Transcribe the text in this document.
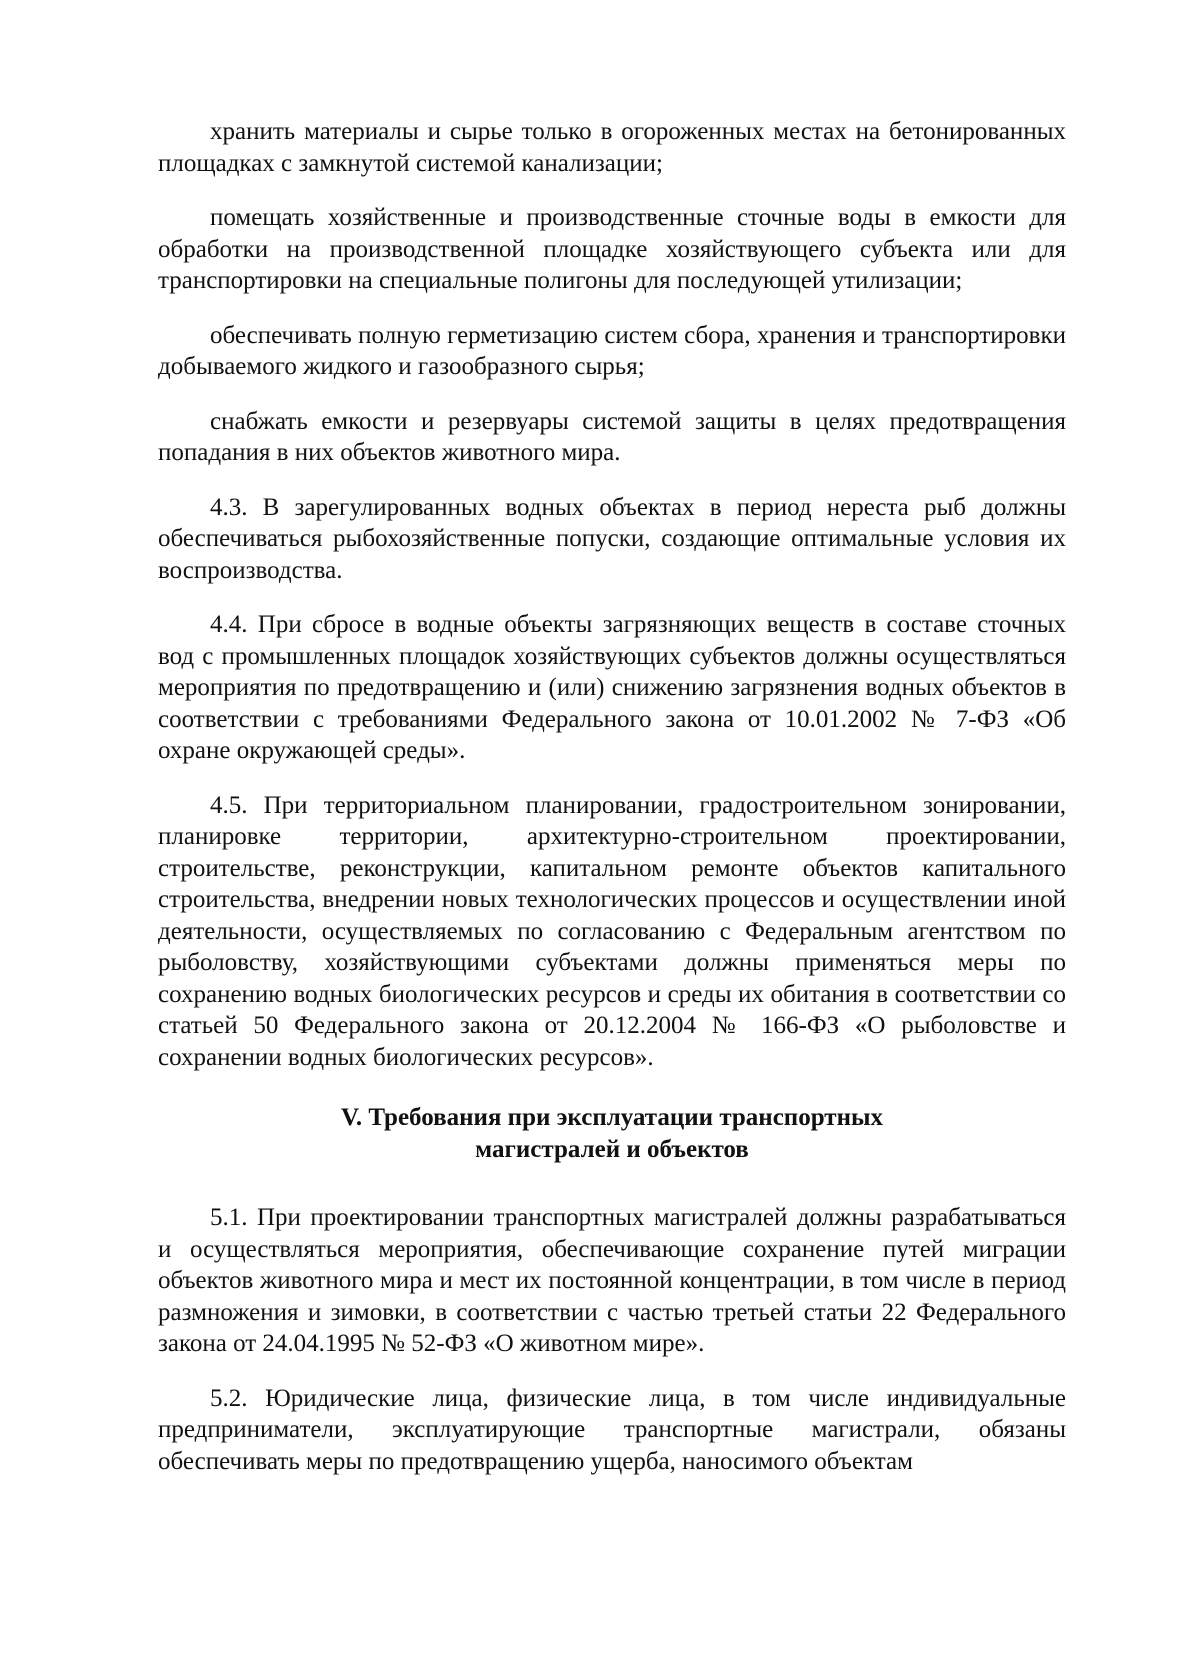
хранить материалы и сырье только в огороженных местах на бетонированных площадках с замкнутой системой канализации;

помещать хозяйственные и производственные сточные воды в емкости для обработки на производственной площадке хозяйствующего субъекта или для транспортировки на специальные полигоны для последующей утилизации;

обеспечивать полную герметизацию систем сбора, хранения и транспортировки добываемого жидкого и газообразного сырья;

снабжать емкости и резервуары системой защиты в целях предотвращения попадания в них объектов животного мира.

4.3. В зарегулированных водных объектах в период нереста рыб должны обеспечиваться рыбохозяйственные попуски, создающие оптимальные условия их воспроизводства.

4.4. При сбросе в водные объекты загрязняющих веществ в составе сточных вод с промышленных площадок хозяйствующих субъектов должны осуществляться мероприятия по предотвращению и (или) снижению загрязнения водных объектов в соответствии с требованиями Федерального закона от 10.01.2002 № 7-ФЗ «Об охране окружающей среды».

4.5. При территориальном планировании, градостроительном зонировании, планировке территории, архитектурно-строительном проектировании, строительстве, реконструкции, капитальном ремонте объектов капитального строительства, внедрении новых технологических процессов и осуществлении иной деятельности, осуществляемых по согласованию с Федеральным агентством по рыболовству, хозяйствующими субъектами должны применяться меры по сохранению водных биологических ресурсов и среды их обитания в соответствии со статьей 50 Федерального закона от 20.12.2004 № 166-ФЗ «О рыболовстве и сохранении водных биологических ресурсов».

V. Требования при эксплуатации транспортных
магистралей и объектов

5.1. При проектировании транспортных магистралей должны разрабатываться и осуществляться мероприятия, обеспечивающие сохранение путей миграции объектов животного мира и мест их постоянной концентрации, в том числе в период размножения и зимовки, в соответствии с частью третьей статьи 22 Федерального закона от 24.04.1995 № 52-ФЗ «О животном мире».

5.2. Юридические лица, физические лица, в том числе индивидуальные предприниматели, эксплуатирующие транспортные магистрали, обязаны обеспечивать меры по предотвращению ущерба, наносимого объектам
